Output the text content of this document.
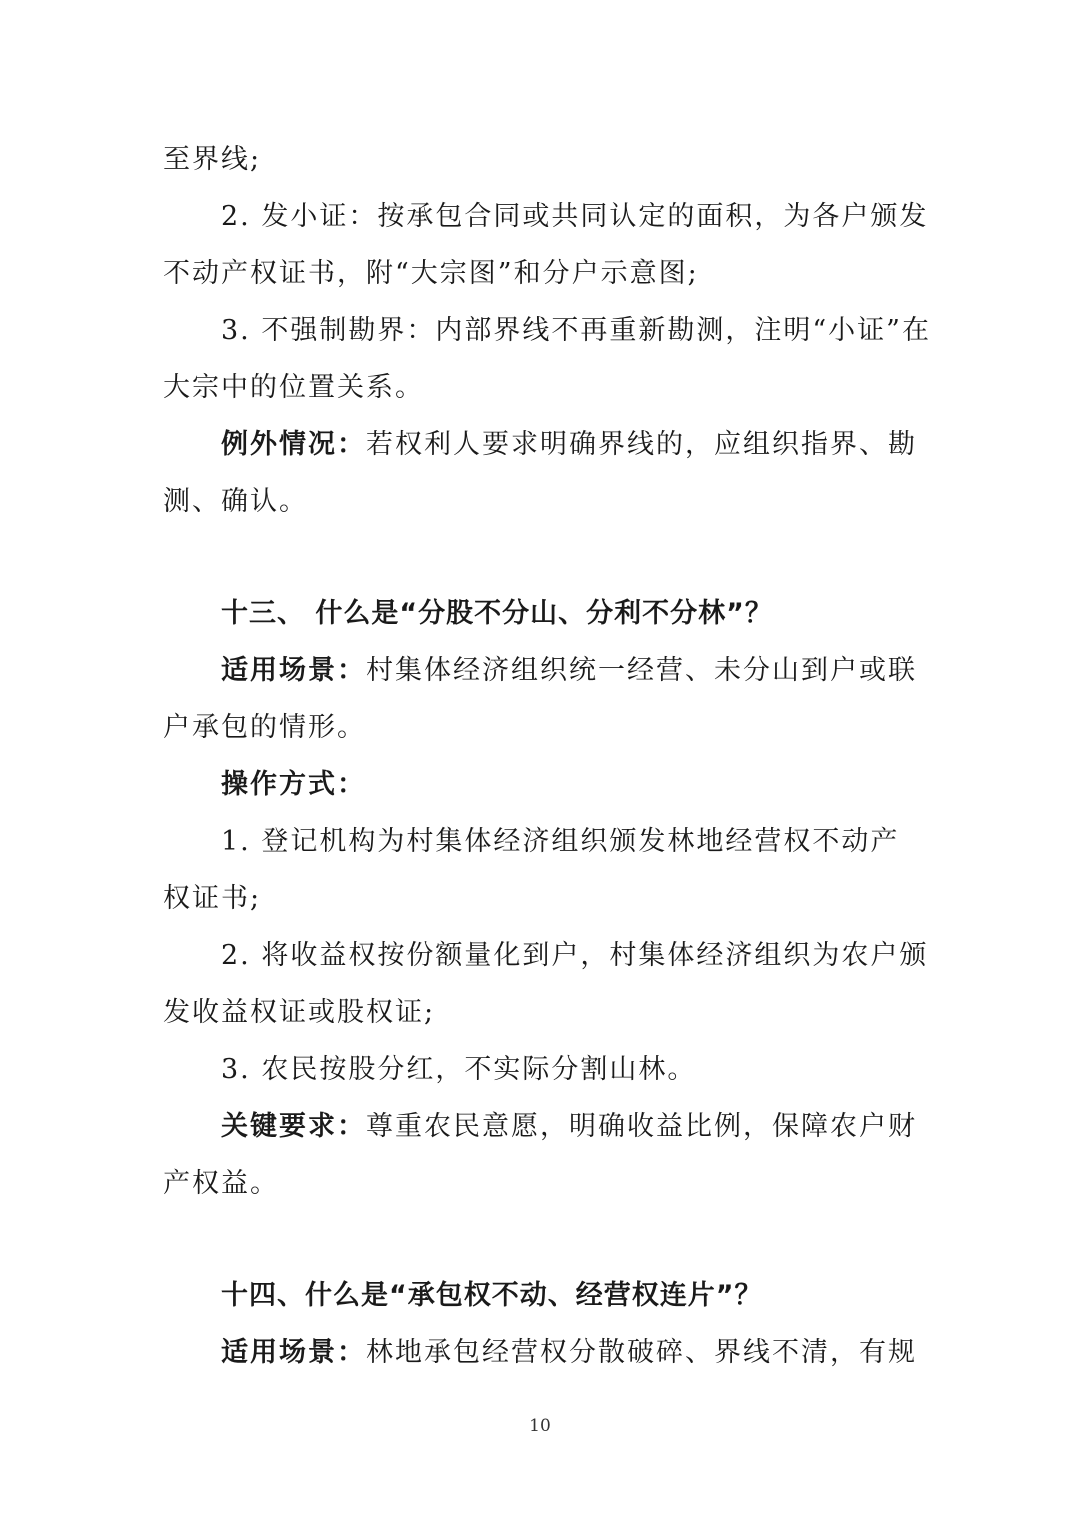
至界线;
2. 发小证：按承包合同或共同认定的面积，为各户颁发
不动产权证书，附“大宗图”和分户示意图;
3. 不强制勘界：内部界线不再重新勘测，注明“小证”在
大宗中的位置关系。
例外情况：若权利人要求明确界线的，应组织指界、勘
测、确认。
十三、 什么是“分股不分山、分利不分林”？
适用场景：村集体经济组织统一经营、未分山到户或联
户承包的情形。
操作方式：
1. 登记机构为村集体经济组织颁发林地经营权不动产
权证书;
2. 将收益权按份额量化到户，村集体经济组织为农户颁
发收益权证或股权证;
3. 农民按股分红，不实际分割山林。
关键要求：尊重农民意愿，明确收益比例，保障农户财
产权益。
十四、什么是“承包权不动、经营权连片”？
适用场景：林地承包经营权分散破碎、界线不清，有规
10
